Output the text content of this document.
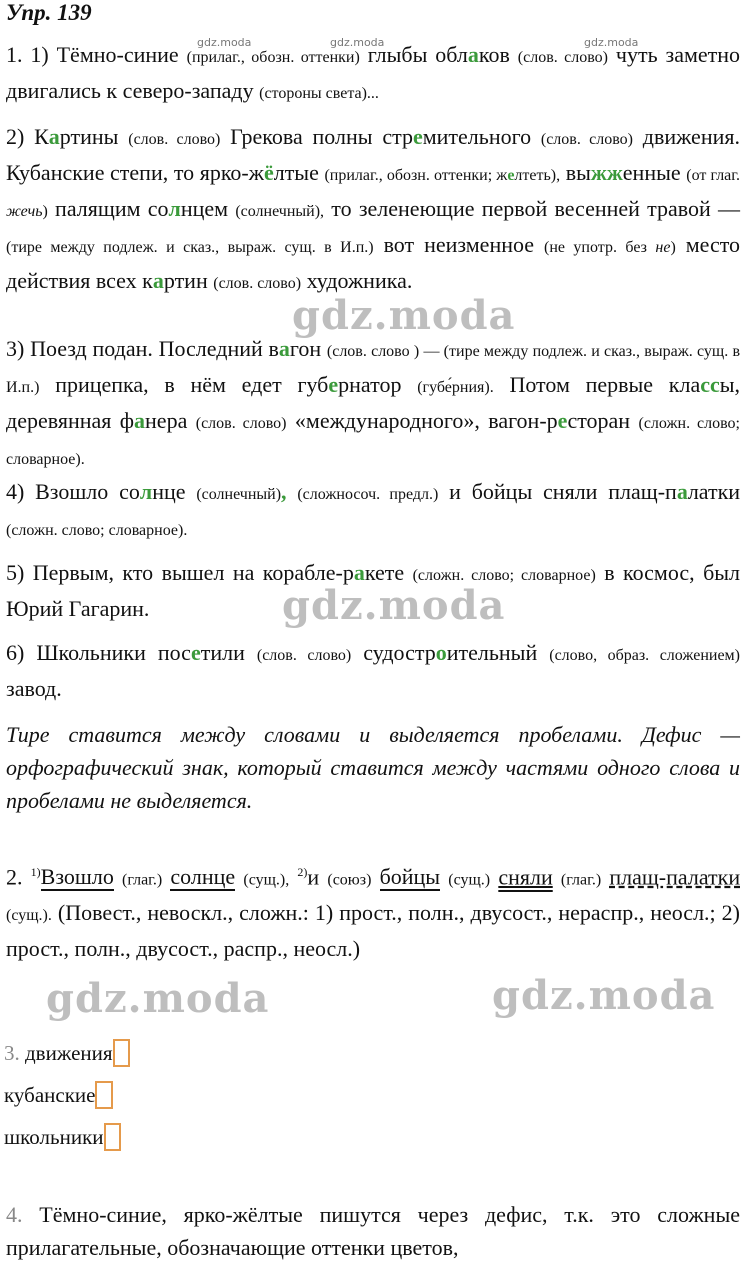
Упр. 139
gdz.moda	gdz.moda	gdz.moda
1. 1) Тёмно-синие (прилаг., обозн. оттенки) глыбы облаков (слов. слово) чуть заметно двигались к северо-западу (стороны света)...
2) Картины (слов. слово) Грекова полны стремительного (слов. слово) движения. Кубанские степи, то ярко-жёлтые (прилаг., обозн. оттенки; желтеть), выжженные (от глаг. жечь) палящим солнцем (солнечный), то зеленеющие первой весенней травой — (тире между подлеж. и сказ., выраж. сущ. в И.п.) вот неизменное (не употр. без не) место действия всех картин (слов. слово) художника.
gdz.moda
3) Поезд подан. Последний вагон (слов. слово ) — (тире между подлеж. и сказ., выраж. сущ. в И.п.) прицепка, в нём едет губернатор (губе́рния). Потом первые классы, деревянная фанера (слов. слово) «международного», вагон-ресторан (сложн. слово; словарное).
4) Взошло солнце (солнечный), (сложносоч. предл.) и бойцы сняли плащ-палатки (сложн. слово; словарное).
5) Первым, кто вышел на корабле-ракете (сложн. слово; словарное) в космос, был Юрий Гагарин.	gdz.moda
6) Школьники посетили (слов. слово) судостроительный (слово, образ. сложением) завод.
Тире ставится между словами и выделяется пробелами. Дефис — орфографический знак, который ставится между частями одного слова и пробелами не выделяется.
2. $^{1)}$Взошло (глаг.) солнце (сущ.), $^{2)}$и (союз) бойцы (сущ.) сняли (глаг.) плащ-палатки (сущ.). (Повест., невоскл., сложн.: 1) прост., полн., двусост., нераспр., неосл.; 2) прост., полн., двусост., распр., неосл.)
gdz.moda	gdz.moda
3. движения
кубанские
школьники
4. Тёмно-синие, ярко-жёлтые пишутся через дефис, т.к. это сложные прилагательные, обозначающие оттенки цветов,
